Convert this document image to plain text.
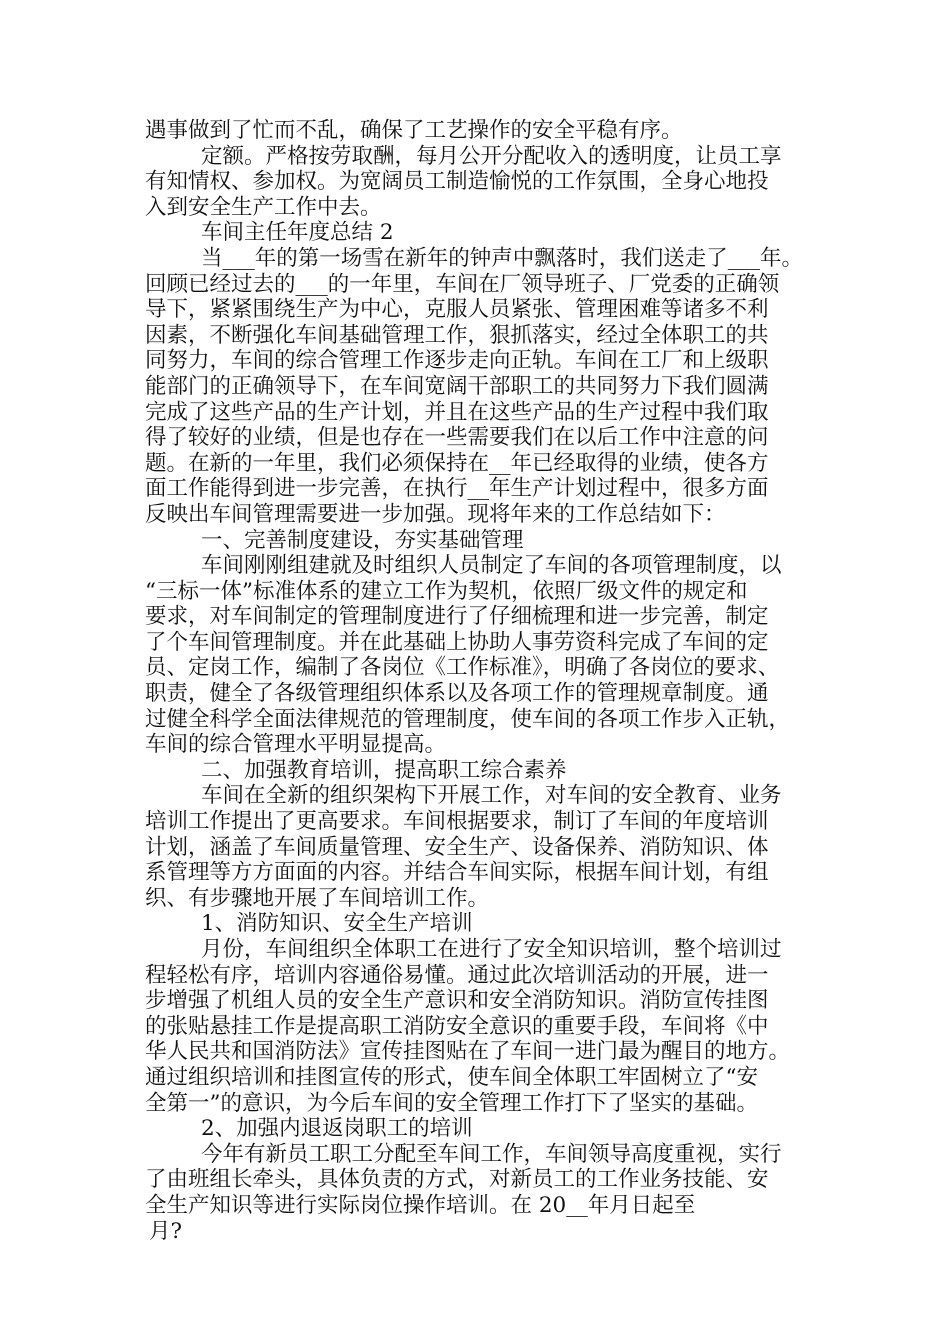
遇事做到了忙而不乱，确保了工艺操作的安全平稳有序。
定额。严格按劳取酬，每月公开分配收入的透明度，让员工享
有知情权、参加权。为宽阔员工制造愉悦的工作氛围，全身心地投
入到安全生产工作中去。
车间主任年度总结 2
当___年的第一场雪在新年的钟声中飘落时，我们送走了___年。
回顾已经过去的___的一年里，车间在厂领导班子、厂党委的正确领
导下，紧紧围绕生产为中心，克服人员紧张、管理困难等诸多不利
因素，不断强化车间基础管理工作，狠抓落实，经过全体职工的共
同努力，车间的综合管理工作逐步走向正轨。车间在工厂和上级职
能部门的正确领导下，在车间宽阔干部职工的共同努力下我们圆满
完成了这些产品的生产计划，并且在这些产品的生产过程中我们取
得了较好的业绩，但是也存在一些需要我们在以后工作中注意的问
题。在新的一年里，我们必须保持在__年已经取得的业绩，使各方
面工作能得到进一步完善，在执行__年生产计划过程中，很多方面
反映出车间管理需要进一步加强。现将年来的工作总结如下：
一、完善制度建设，夯实基础管理
车间刚刚组建就及时组织人员制定了车间的各项管理制度，以
“三标一体”标准体系的建立工作为契机，依照厂级文件的规定和
要求，对车间制定的管理制度进行了仔细梳理和进一步完善，制定
了个车间管理制度。并在此基础上协助人事劳资科完成了车间的定
员、定岗工作，编制了各岗位《工作标准》，明确了各岗位的要求、
职责，健全了各级管理组织体系以及各项工作的管理规章制度。通
过健全科学全面法律规范的管理制度，使车间的各项工作步入正轨，
车间的综合管理水平明显提高。
二、加强教育培训，提高职工综合素养
车间在全新的组织架构下开展工作，对车间的安全教育、业务
培训工作提出了更高要求。车间根据要求，制订了车间的年度培训
计划，涵盖了车间质量管理、安全生产、设备保养、消防知识、体
系管理等方方面面的内容。并结合车间实际，根据车间计划，有组
织、有步骤地开展了车间培训工作。
1、消防知识、安全生产培训
月份，车间组织全体职工在进行了安全知识培训，整个培训过
程轻松有序，培训内容通俗易懂。通过此次培训活动的开展，进一
步增强了机组人员的安全生产意识和安全消防知识。消防宣传挂图
的张贴悬挂工作是提高职工消防安全意识的重要手段，车间将《中
华人民共和国消防法》宣传挂图贴在了车间一进门最为醒目的地方。
通过组织培训和挂图宣传的形式，使车间全体职工牢固树立了“安
全第一”的意识，为今后车间的安全管理工作打下了坚实的基础。
2、加强内退返岗职工的培训
今年有新员工职工分配至车间工作，车间领导高度重视，实行
了由班组长牵头，具体负责的方式，对新员工的工作业务技能、安
全生产知识等进行实际岗位操作培训。在 20__年月日起至
月?
